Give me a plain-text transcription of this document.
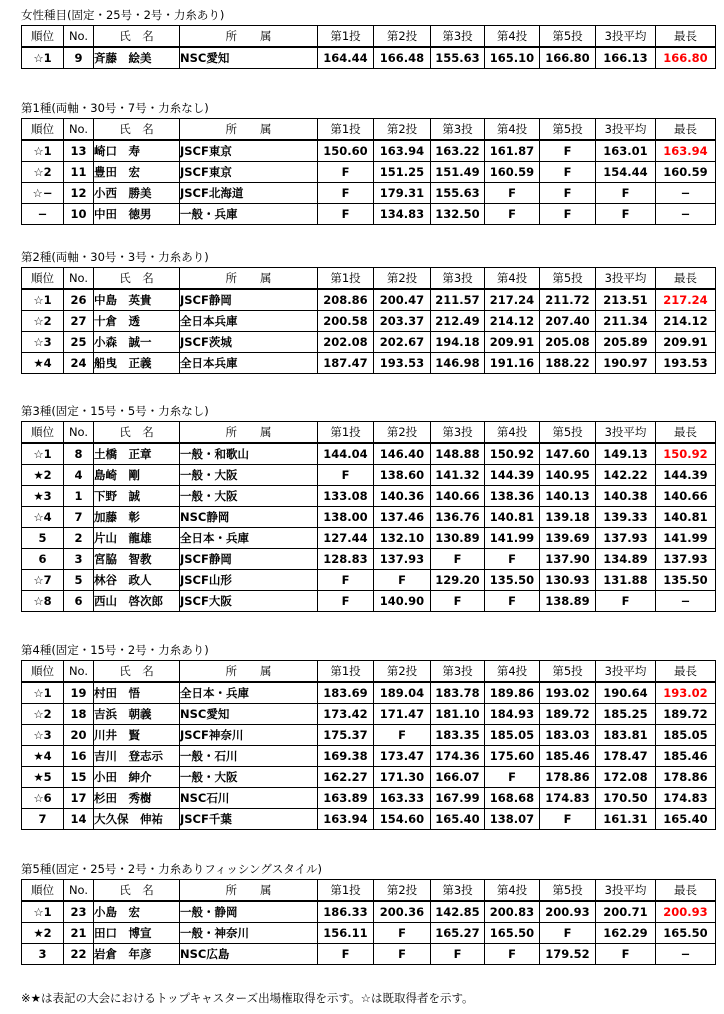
女性種目(固定・25号・2号・力糸あり)
順位	No.	氏　名	所　　属	第1投	第2投	第3投	第4投	第5投	3投平均	最長
☆1	9	斉藤　絵美	NSC愛知	164.44	166.48	155.63	165.10	166.80	166.13	166.80
第1種(両軸・30号・7号・力糸なし)
順位	No.	氏　名	所　　属	第1投	第2投	第3投	第4投	第5投	3投平均	最長
☆1	13	崎口　寿	JSCF東京	150.60	163.94	163.22	161.87	F	163.01	163.94
☆2	11	豊田　宏	JSCF東京	F	151.25	151.49	160.59	F	154.44	160.59
☆−	12	小西　勝美	JSCF北海道	F	179.31	155.63	F	F	F	−
−	10	中田　徳男	一般・兵庫	F	134.83	132.50	F	F	F	−
第2種(両軸・30号・3号・力糸あり)
順位	No.	氏　名	所　　属	第1投	第2投	第3投	第4投	第5投	3投平均	最長
☆1	26	中島　英貴	JSCF静岡	208.86	200.47	211.57	217.24	211.72	213.51	217.24
☆2	27	十倉　透	全日本兵庫	200.58	203.37	212.49	214.12	207.40	211.34	214.12
☆3	25	小森　誠一	JSCF茨城	202.08	202.67	194.18	209.91	205.08	205.89	209.91
★4	24	船曳　正義	全日本兵庫	187.47	193.53	146.98	191.16	188.22	190.97	193.53
第3種(固定・15号・5号・力糸なし)
順位	No.	氏　名	所　　属	第1投	第2投	第3投	第4投	第5投	3投平均	最長
☆1	8	土橋　正章	一般・和歌山	144.04	146.40	148.88	150.92	147.60	149.13	150.92
★2	4	島崎　剛	一般・大阪	F	138.60	141.32	144.39	140.95	142.22	144.39
★3	1	下野　誠	一般・大阪	133.08	140.36	140.66	138.36	140.13	140.38	140.66
☆4	7	加藤　彰	NSC静岡	138.00	137.46	136.76	140.81	139.18	139.33	140.81
5	2	片山　龍雄	全日本・兵庫	127.44	132.10	130.89	141.99	139.69	137.93	141.99
6	3	宮脇　智教	JSCF静岡	128.83	137.93	F	F	137.90	134.89	137.93
☆7	5	林谷　政人	JSCF山形	F	F	129.20	135.50	130.93	131.88	135.50
☆8	6	西山　啓次郎	JSCF大阪	F	140.90	F	F	138.89	F	−
第4種(固定・15号・2号・力糸あり)
順位	No.	氏　名	所　　属	第1投	第2投	第3投	第4投	第5投	3投平均	最長
☆1	19	村田　悟	全日本・兵庫	183.69	189.04	183.78	189.86	193.02	190.64	193.02
☆2	18	吉浜　朝義	NSC愛知	173.42	171.47	181.10	184.93	189.72	185.25	189.72
☆3	20	川井　賢	JSCF神奈川	175.37	F	183.35	185.05	183.03	183.81	185.05
★4	16	吉川　登志示	一般・石川	169.38	173.47	174.36	175.60	185.46	178.47	185.46
★5	15	小田　紳介	一般・大阪	162.27	171.30	166.07	F	178.86	172.08	178.86
☆6	17	杉田　秀樹	NSC石川	163.89	163.33	167.99	168.68	174.83	170.50	174.83
7	14	大久保　伸祐	JSCF千葉	163.94	154.60	165.40	138.07	F	161.31	165.40
第5種(固定・25号・2号・力糸ありフィッシングスタイル)
順位	No.	氏　名	所　　属	第1投	第2投	第3投	第4投	第5投	3投平均	最長
☆1	23	小島　宏	一般・静岡	186.33	200.36	142.85	200.83	200.93	200.71	200.93
★2	21	田口　博宣	一般・神奈川	156.11	F	165.27	165.50	F	162.29	165.50
3	22	岩倉　年彦	NSC広島	F	F	F	F	179.52	F	−
※★は表記の大会におけるトップキャスターズ出場権取得を示す。☆は既取得者を示す。
